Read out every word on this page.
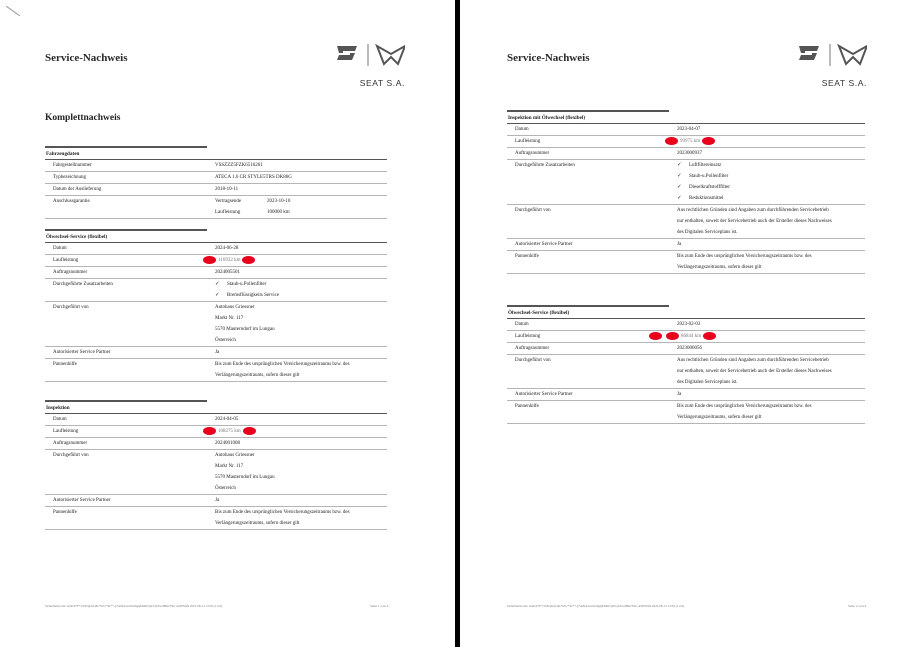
Service-Nachweis
SEAT S.A.
Komplettnachweis
Fahrzeugdaten
Fahrgestellnummer	VSSZZZ5FZK6516261
Typbezeichnung	ATECA 1.6 CR STYLE5TRS DK86G
Datum der Auslieferung	2018-10-11
Anschlussgarantie	Vertragsende	2023-10-10
Laufleistung	100000 km
Ölwechsel-Service (flexibel)
Datum	2024-06-28
Laufleistung	116932 km
Auftragsnummer	2024005501
Durchgeführte Zusatzarbeiten	✓ Staub-u.Pollenfilter
✓ Bremsflüssigkeits Service
Durchgeführt von	Autohaus Griessner
Markt Nr. 117
5570 Mauterndorf im Lungau
Österreich
Autorisierter Service Partner	Ja
Pannenhilfe	Bis zum Ende des ursprünglichen Versicherungszeitraums bzw. des
Verlängerungszeitraums, sofern dieser gilt
Inspektion
Datum	2024-04-05
Laufleistung	108275 km
Auftragsnummer	2024001008
Durchgeführt von	Autohaus Griessner
Markt Nr. 117
5570 Mauterndorf im Lungau
Österreich
Autorisierter Service Partner	Ja
Pannenhilfe	Bis zum Ende des ursprünglichen Versicherungszeitraums bzw. des
Verlängerungszeitraums, sofern dieser gilt
Sicherheitscode: xeblvF7F*cJiXQG0C2K*blcc*Xr**-p*A8JAatcm1bhgQbKRFqO%jwTeoHDk/T9tc ATI03249 2023-08-13 13:59 (1:2.0)	Seite 1 von 4
Service-Nachweis
SEAT S.A.
Inspektion mit Ölwechsel (flexibel)
Datum	2023-04-07
Laufleistung	99975 km
Auftragsnummer	2023000937
Durchgeführte Zusatzarbeiten	✓ Luftfiltereinsatz
✓ Staub-u.Pollenfilter
✓ Dieselkraftstofffilter
✓ Reduktionsmittel
Durchgeführt von	Aus rechtlichen Gründen sind Angaben zum durchführenden Servicebetrieb
nur enthalten, soweit der Servicebetrieb auch der Ersteller dieses Nachweises
des Digitalen Serviceplans ist.
Autorisierter Service Partner	Ja
Pannenhilfe	Bis zum Ende des ursprünglichen Versicherungszeitraums bzw. des
Verlängerungszeitraums, sofern dieser gilt
Ölwechsel-Service (flexibel)
Datum	2023-02-03
Laufleistung	86844 km
Auftragsnummer	2023000056
Durchgeführt von	Aus rechtlichen Gründen sind Angaben zum durchführenden Servicebetrieb
nur enthalten, soweit der Servicebetrieb auch der Ersteller dieses Nachweises
des Digitalen Serviceplans ist.
Autorisierter Service Partner	Ja
Pannenhilfe	Bis zum Ende des ursprünglichen Versicherungszeitraums bzw. des
Verlängerungszeitraums, sofern dieser gilt
Sicherheitscode: xeblvF7F*cJiXQG0C2K*blcc*Xr**-p*A8JAatcm1bhgQbKRFqO%jwTeoHDk/T9tc ATI03249 2023-08-13 13:59 (1:2.0)	Seite 2 von 4
